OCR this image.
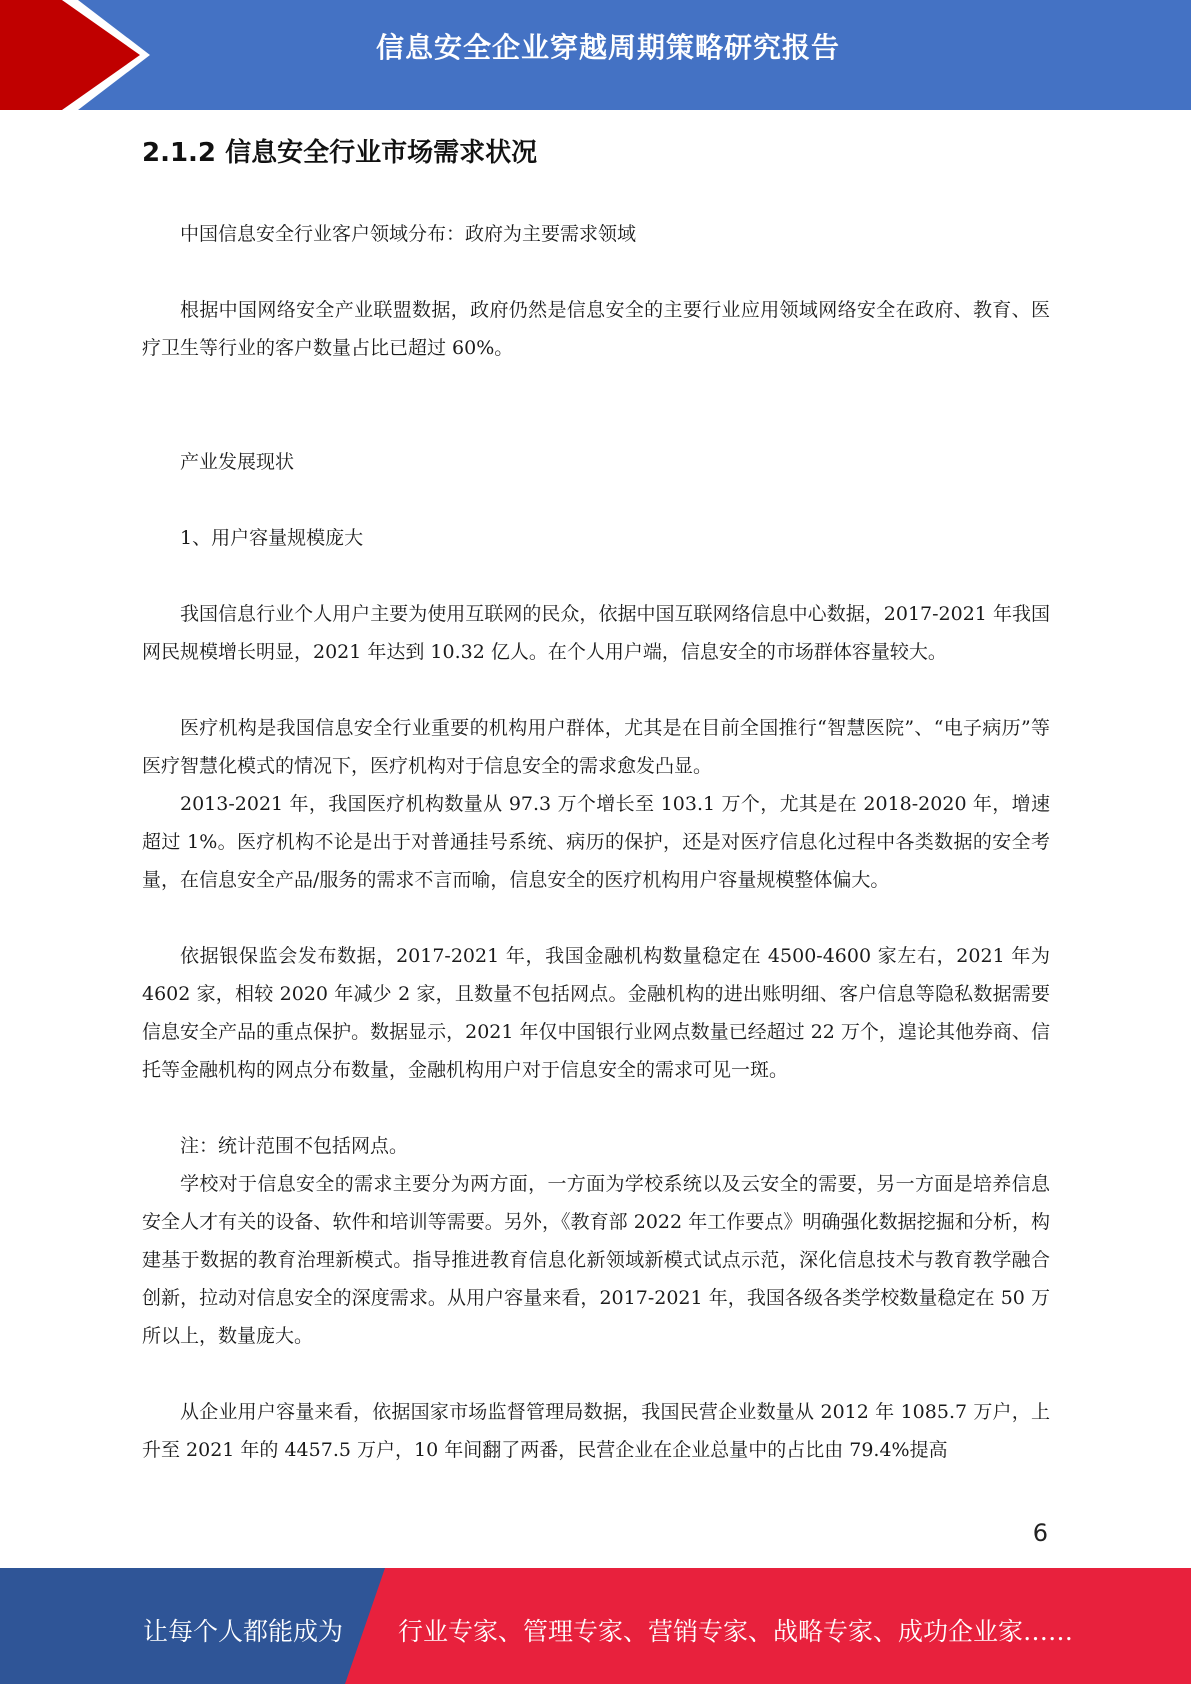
信息安全企业穿越周期策略研究报告
2.1.2 信息安全行业市场需求状况

中国信息安全行业客户领域分布：政府为主要需求领域

根据中国网络安全产业联盟数据，政府仍然是信息安全的主要行业应用领域网络安全在政府、教育、医疗卫生等行业的客户数量占比已超过 60%。

产业发展现状

1、用户容量规模庞大

我国信息行业个人用户主要为使用互联网的民众，依据中国互联网络信息中心数据，2017-2021 年我国网民规模增长明显，2021 年达到 10.32 亿人。在个人用户端，信息安全的市场群体容量较大。

医疗机构是我国信息安全行业重要的机构用户群体，尤其是在目前全国推行“智慧医院”、“电子病历”等医疗智慧化模式的情况下，医疗机构对于信息安全的需求愈发凸显。

2013-2021 年，我国医疗机构数量从 97.3 万个增长至 103.1 万个，尤其是在 2018-2020 年，增速超过 1%。医疗机构不论是出于对普通挂号系统、病历的保护，还是对医疗信息化过程中各类数据的安全考量，在信息安全产品/服务的需求不言而喻，信息安全的医疗机构用户容量规模整体偏大。

依据银保监会发布数据，2017-2021 年，我国金融机构数量稳定在 4500-4600 家左右，2021 年为 4602 家，相较 2020 年减少 2 家，且数量不包括网点。金融机构的进出账明细、客户信息等隐私数据需要信息安全产品的重点保护。数据显示，2021 年仅中国银行业网点数量已经超过 22 万个，遑论其他券商、信托等金融机构的网点分布数量，金融机构用户对于信息安全的需求可见一斑。

注：统计范围不包括网点。

学校对于信息安全的需求主要分为两方面，一方面为学校系统以及云安全的需要，另一方面是培养信息安全人才有关的设备、软件和培训等需要。另外，《教育部 2022 年工作要点》明确强化数据挖掘和分析，构建基于数据的教育治理新模式。指导推进教育信息化新领域新模式试点示范，深化信息技术与教育教学融合创新，拉动对信息安全的深度需求。从用户容量来看，2017-2021 年，我国各级各类学校数量稳定在 50 万所以上，数量庞大。

从企业用户容量来看，依据国家市场监督管理局数据，我国民营企业数量从 2012 年 1085.7 万户，上升至 2021 年的 4457.5 万户，10 年间翻了两番，民营企业在企业总量中的占比由 79.4%提高

6
让每个人都能成为 行业专家、管理专家、营销专家、战略专家、成功企业家……
